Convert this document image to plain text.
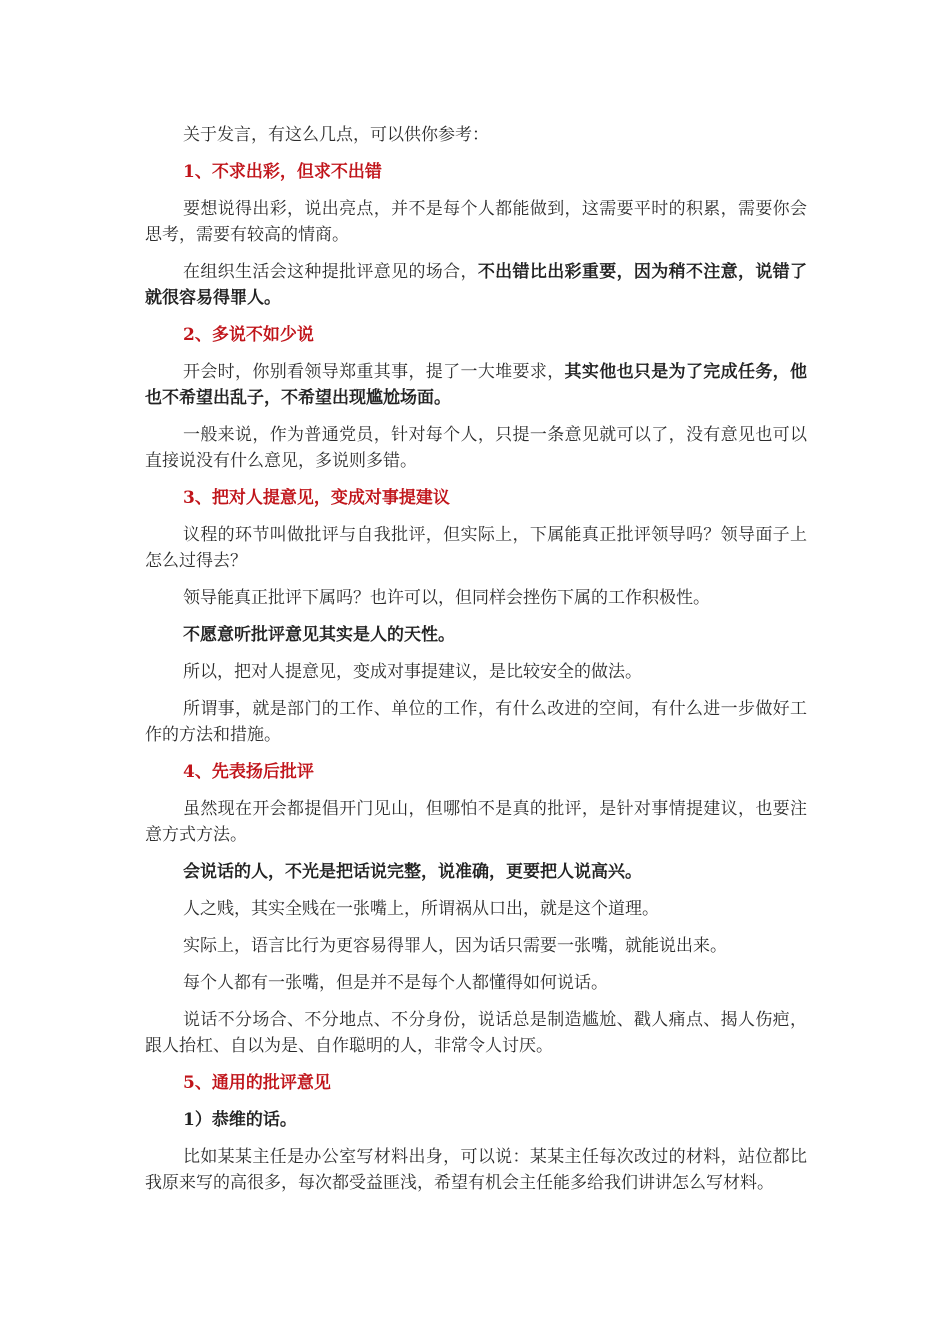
关于发言，有这么几点，可以供你参考：

1、不求出彩，但求不出错

要想说得出彩，说出亮点，并不是每个人都能做到，这需要平时的积累，需要你会思考，需要有较高的情商。

在组织生活会这种提批评意见的场合，不出错比出彩重要，因为稍不注意，说错了就很容易得罪人。

2、多说不如少说

开会时，你别看领导郑重其事，提了一大堆要求，其实他也只是为了完成任务，他也不希望出乱子，不希望出现尴尬场面。

一般来说，作为普通党员，针对每个人，只提一条意见就可以了，没有意见也可以直接说没有什么意见，多说则多错。

3、把对人提意见，变成对事提建议

议程的环节叫做批评与自我批评，但实际上，下属能真正批评领导吗？领导面子上怎么过得去？

领导能真正批评下属吗？也许可以，但同样会挫伤下属的工作积极性。

不愿意听批评意见其实是人的天性。

所以，把对人提意见，变成对事提建议，是比较安全的做法。

所谓事，就是部门的工作、单位的工作，有什么改进的空间，有什么进一步做好工作的方法和措施。

4、先表扬后批评

虽然现在开会都提倡开门见山，但哪怕不是真的批评，是针对事情提建议，也要注意方式方法。

会说话的人，不光是把话说完整，说准确，更要把人说高兴。

人之贱，其实全贱在一张嘴上，所谓祸从口出，就是这个道理。

实际上，语言比行为更容易得罪人，因为话只需要一张嘴，就能说出来。

每个人都有一张嘴，但是并不是每个人都懂得如何说话。

说话不分场合、不分地点、不分身份，说话总是制造尴尬、戳人痛点、揭人伤疤，跟人抬杠、自以为是、自作聪明的人，非常令人讨厌。

5、通用的批评意见

1）恭维的话。

比如某某主任是办公室写材料出身，可以说：某某主任每次改过的材料，站位都比我原来写的高很多，每次都受益匪浅，希望有机会主任能多给我们讲讲怎么写材料。
